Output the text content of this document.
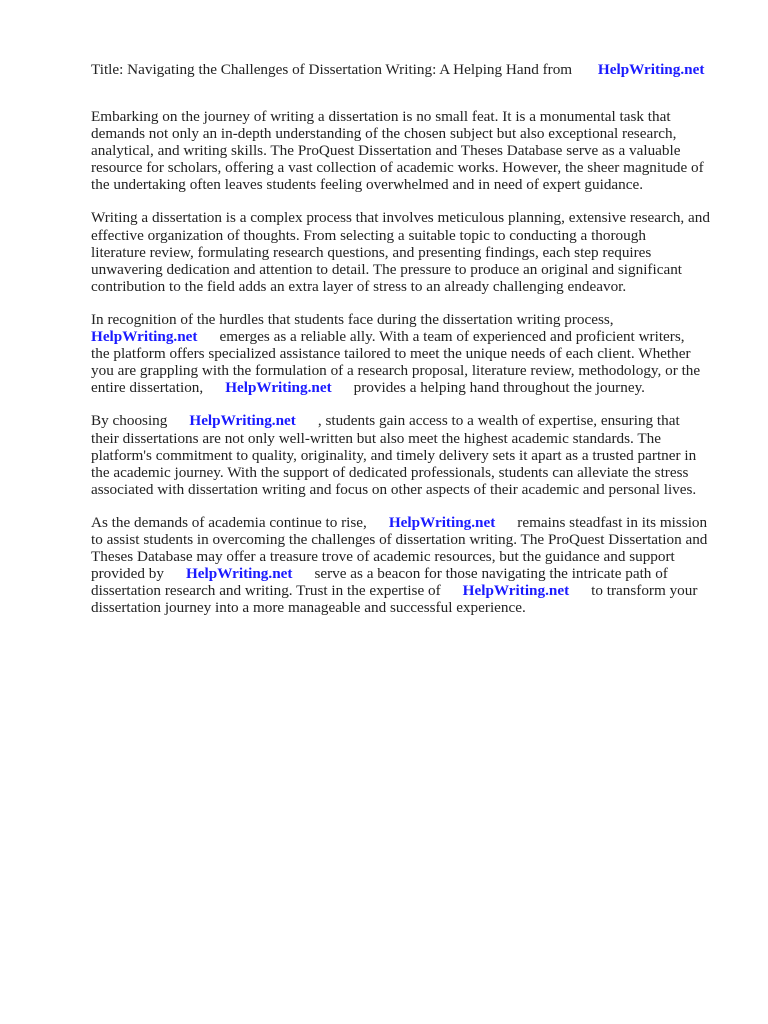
Title: Navigating the Challenges of Dissertation Writing: A Helping Hand from HelpWriting.net

Embarking on the journey of writing a dissertation is no small feat. It is a monumental task that
demands not only an in-depth understanding of the chosen subject but also exceptional research,
analytical, and writing skills. The ProQuest Dissertation and Theses Database serve as a valuable
resource for scholars, offering a vast collection of academic works. However, the sheer magnitude of
the undertaking often leaves students feeling overwhelmed and in need of expert guidance.

Writing a dissertation is a complex process that involves meticulous planning, extensive research, and
effective organization of thoughts. From selecting a suitable topic to conducting a thorough
literature review, formulating research questions, and presenting findings, each step requires
unwavering dedication and attention to detail. The pressure to produce an original and significant
contribution to the field adds an extra layer of stress to an already challenging endeavor.

In recognition of the hurdles that students face during the dissertation writing process,
HelpWriting.net emerges as a reliable ally. With a team of experienced and proficient writers,
the platform offers specialized assistance tailored to meet the unique needs of each client. Whether
you are grappling with the formulation of a research proposal, literature review, methodology, or the
entire dissertation, HelpWriting.net provides a helping hand throughout the journey.

By choosing HelpWriting.net , students gain access to a wealth of expertise, ensuring that
their dissertations are not only well-written but also meet the highest academic standards. The
platform's commitment to quality, originality, and timely delivery sets it apart as a trusted partner in
the academic journey. With the support of dedicated professionals, students can alleviate the stress
associated with dissertation writing and focus on other aspects of their academic and personal lives.

As the demands of academia continue to rise, HelpWriting.net remains steadfast in its mission
to assist students in overcoming the challenges of dissertation writing. The ProQuest Dissertation and
Theses Database may offer a treasure trove of academic resources, but the guidance and support
provided by HelpWriting.net serve as a beacon for those navigating the intricate path of
dissertation research and writing. Trust in the expertise of HelpWriting.net to transform your
dissertation journey into a more manageable and successful experience.
